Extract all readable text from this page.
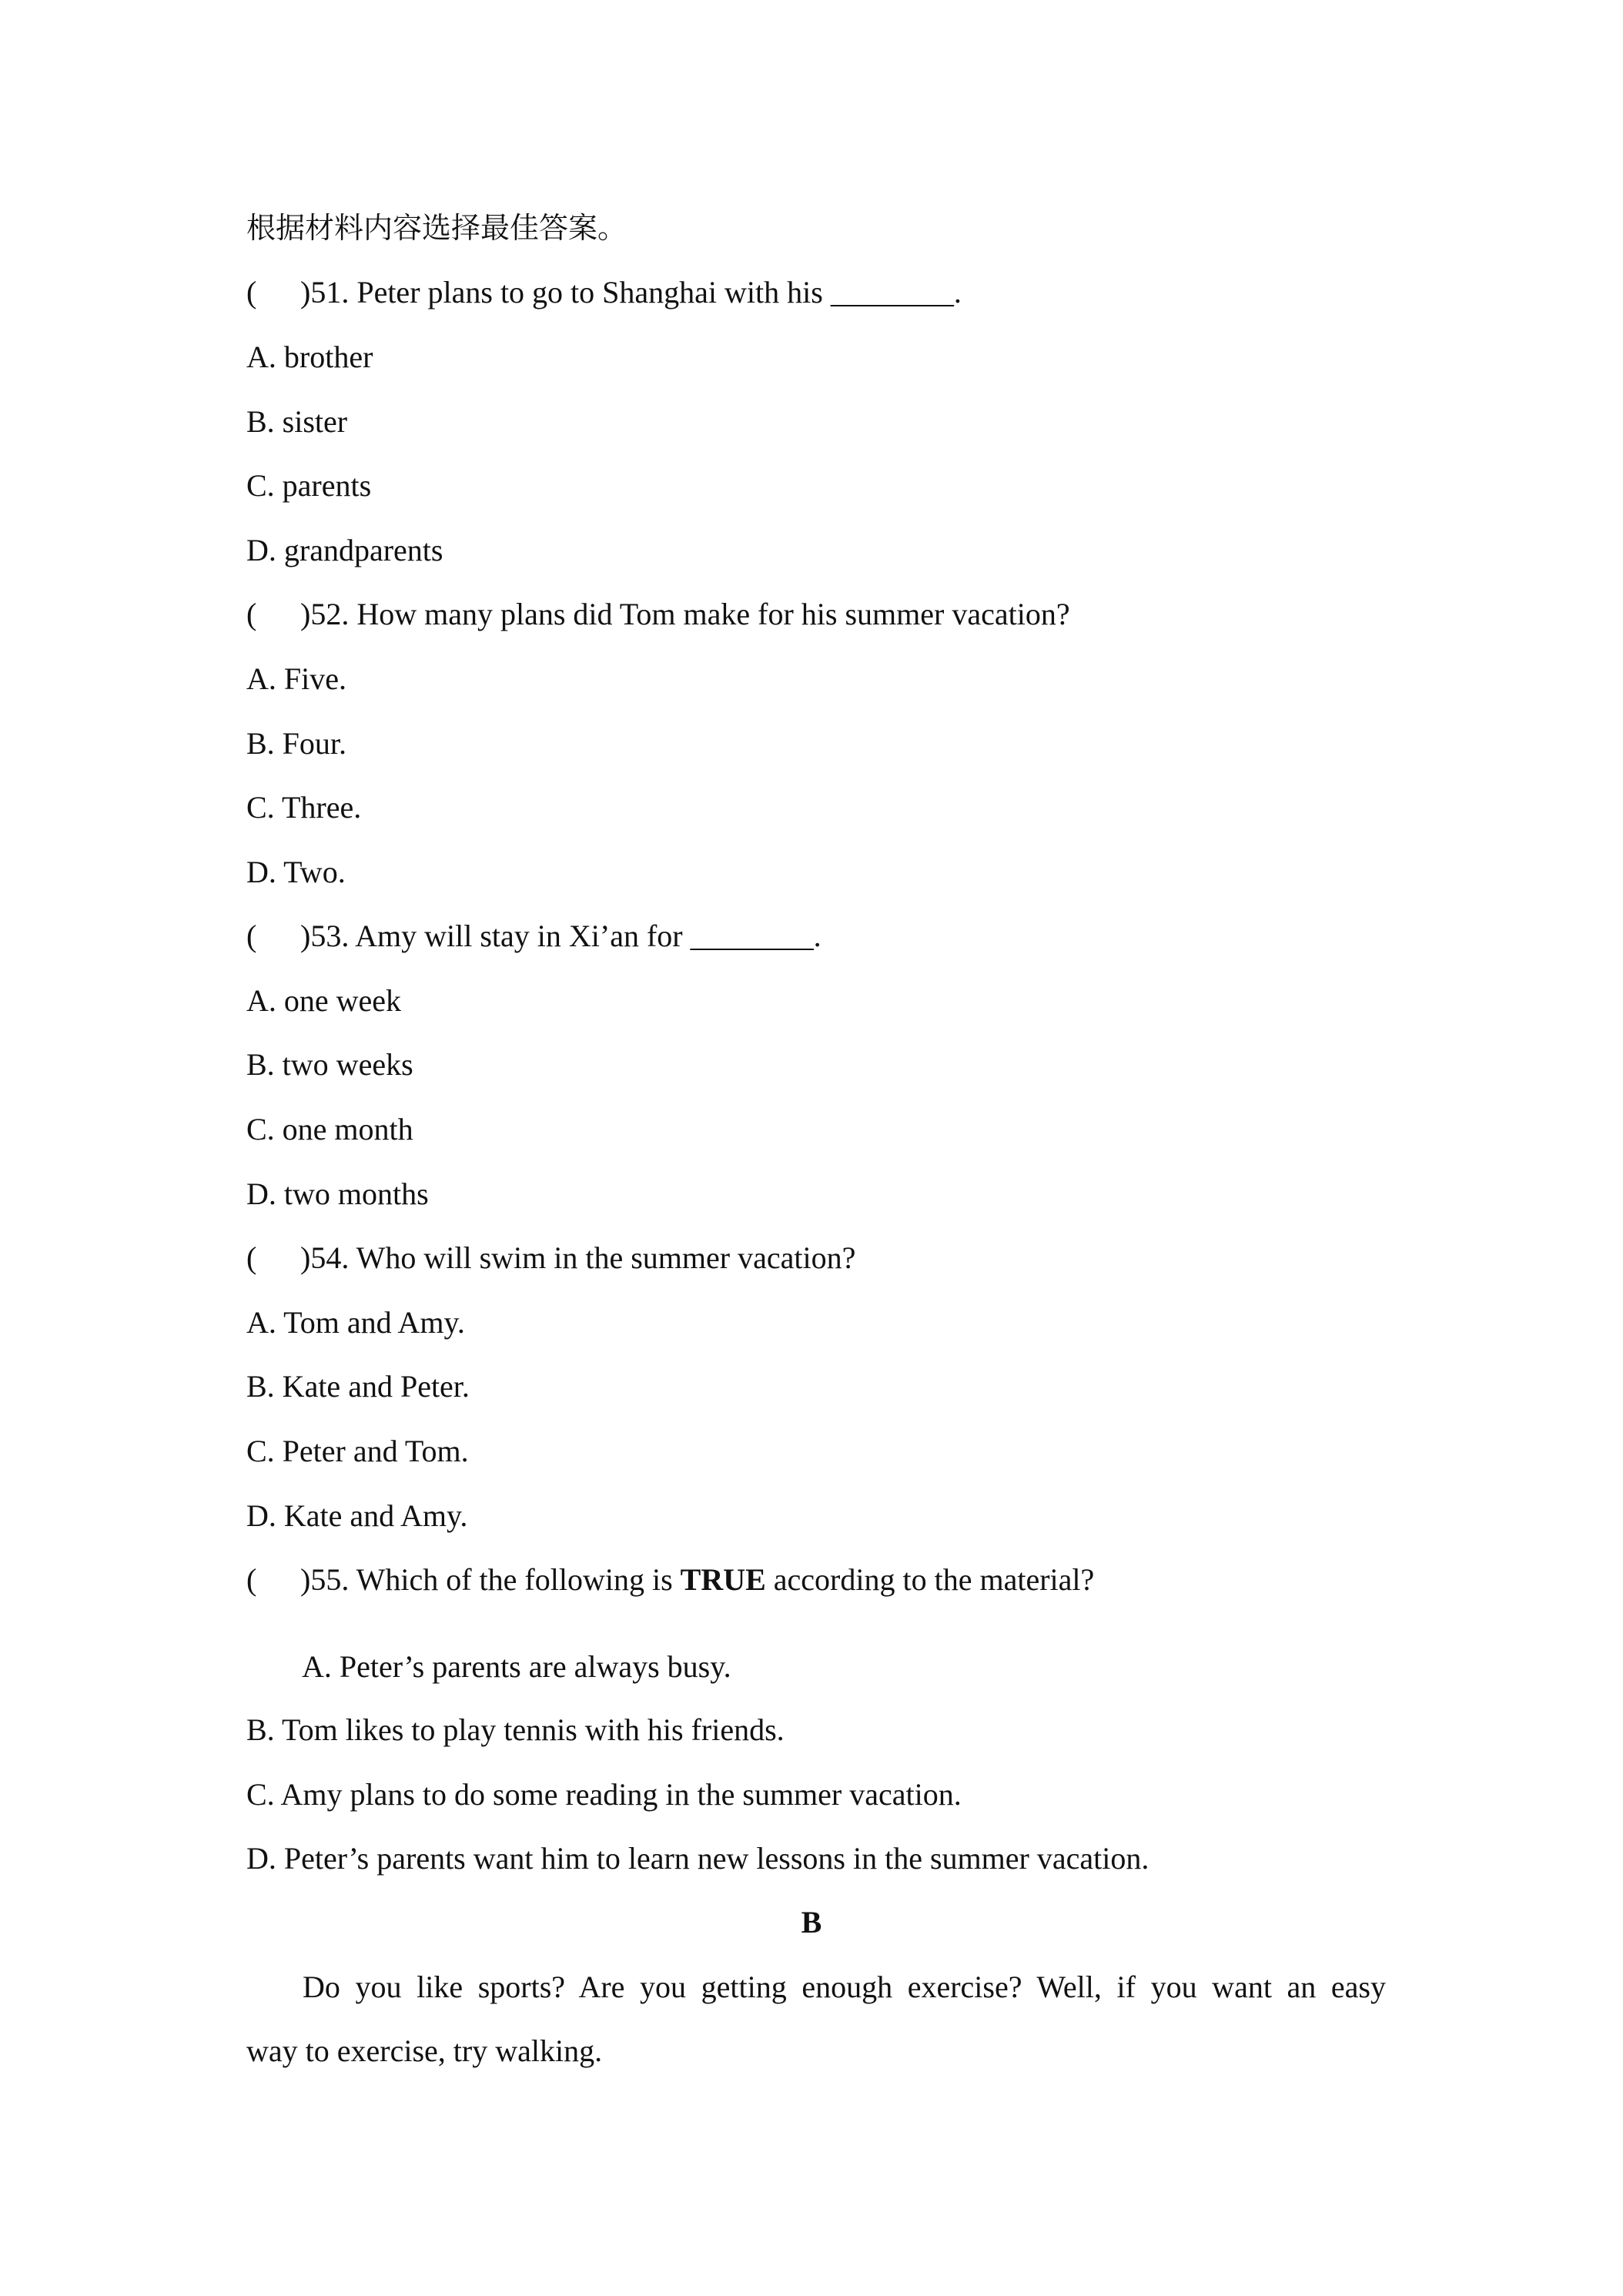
根据材料内容选择最佳答案。
( )51. Peter plans to go to Shanghai with his ________.
A. brother
B. sister
C. parents
D. grandparents
( )52. How many plans did Tom make for his summer vacation?
A. Five.
B. Four.
C. Three.
D. Two.
( )53. Amy will stay in Xi’an for ________.
A. one week
B. two weeks
C. one month
D. two months
( )54. Who will swim in the summer vacation?
A. Tom and Amy.
B. Kate and Peter.
C. Peter and Tom.
D. Kate and Amy.
( )55. Which of the following is TRUE according to the material?
A. Peter’s parents are always busy.
B. Tom likes to play tennis with his friends.
C. Amy plans to do some reading in the summer vacation.
D. Peter’s parents want him to learn new lessons in the summer vacation.
B
Do you like sports? Are you getting enough exercise? Well, if you want an easy
way to exercise, try walking.
